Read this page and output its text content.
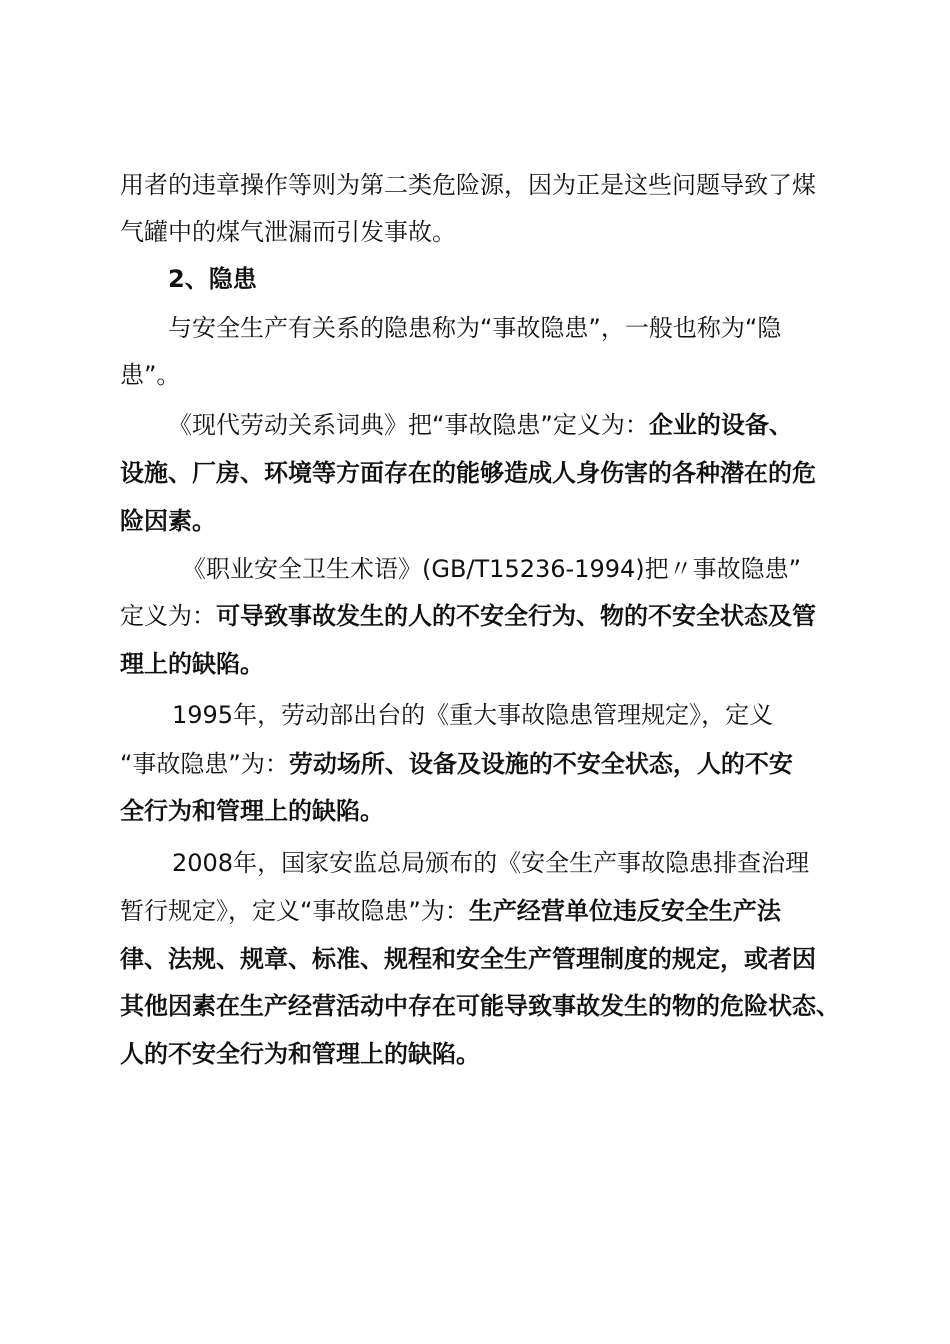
用者的违章操作等则为第二类危险源，因为正是这些问题导致了煤
气罐中的煤气泄漏而引发事故。
2、隐患
与安全生产有关系的隐患称为“事故隐患”，一般也称为“隐
患”。
《现代劳动关系词典》把“事故隐患”定义为：企业的设备、
设施、厂房、环境等方面存在的能够造成人身伤害的各种潜在的危
险因素。
《职业安全卫生术语》(GB/T15236-1994)把〃事故隐患”
定义为：可导致事故发生的人的不安全行为、物的不安全状态及管
理上的缺陷。
1995年，劳动部出台的《重大事故隐患管理规定》，定义
“事故隐患”为：劳动场所、设备及设施的不安全状态，人的不安
全行为和管理上的缺陷。
2008年，国家安监总局颁布的《安全生产事故隐患排查治理
暂行规定》，定义“事故隐患”为：生产经营单位违反安全生产法
律、法规、规章、标准、规程和安全生产管理制度的规定，或者因
其他因素在生产经营活动中存在可能导致事故发生的物的危险状态、
人的不安全行为和管理上的缺陷。
